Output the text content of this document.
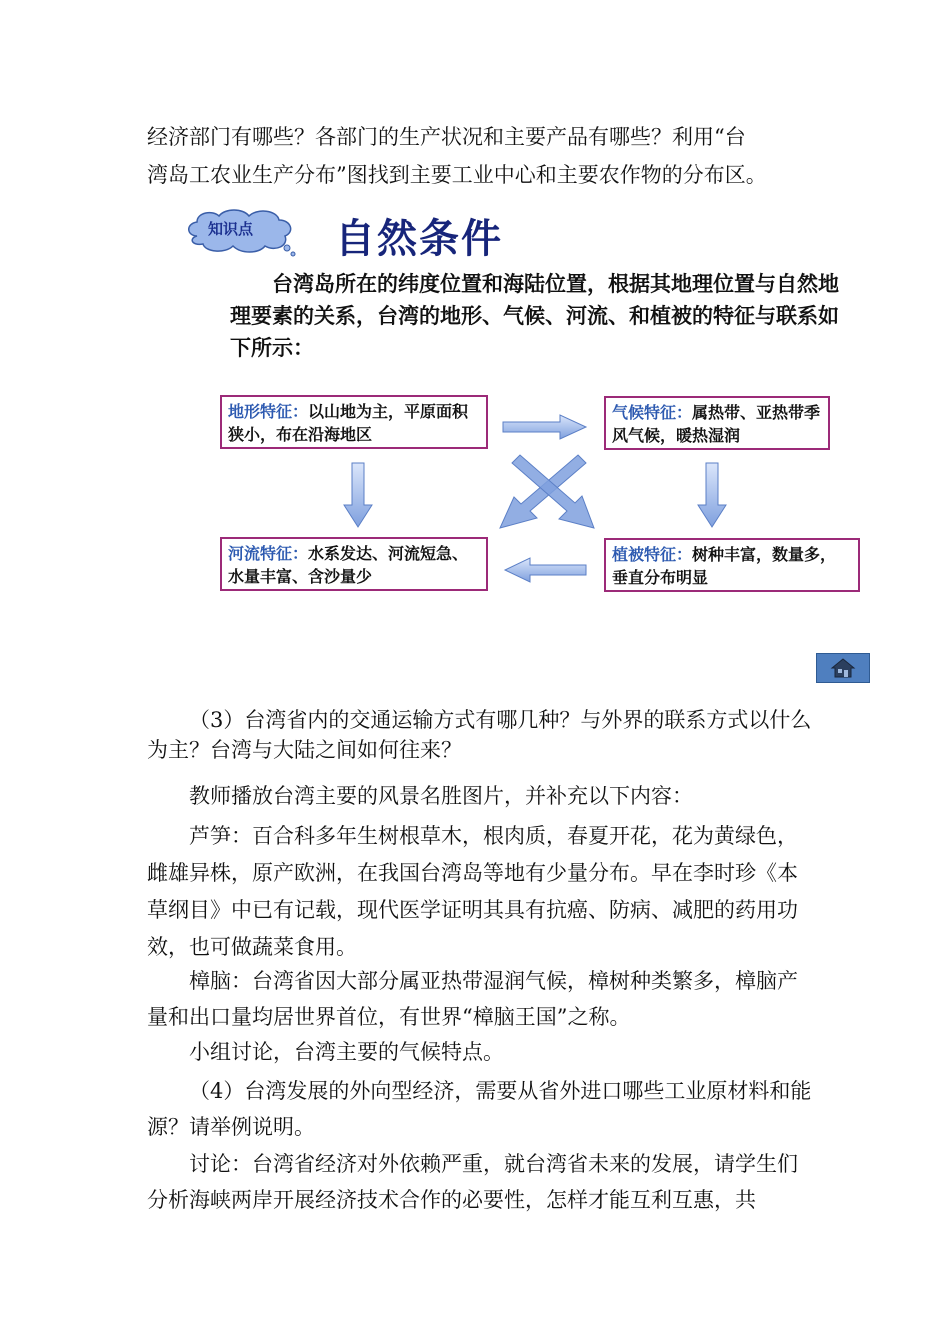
经济部门有哪些？各部门的生产状况和主要产品有哪些？利用“台

湾岛工农业生产分布”图找到主要工业中心和主要农作物的分布区。

知识点 自然条件

台湾岛所在的纬度位置和海陆位置，根据其地理位置与自然地理要素的关系，台湾的地形、气候、河流、和植被的特征与联系如下所示：

地形特征：以山地为主，平原面积狭小，布在沿海地区
气候特征：属热带、亚热带季风气候，暖热湿润
河流特征：水系发达、河流短急、水量丰富、含沙量少
植被特征：树种丰富，数量多，垂直分布明显

（3）台湾省内的交通运输方式有哪几种？与外界的联系方式以什么为主？台湾与大陆之间如何往来？

教师播放台湾主要的风景名胜图片，并补充以下内容：

芦笋：百合科多年生树根草木，根肉质，春夏开花，花为黄绿色，雌雄异株，原产欧洲，在我国台湾岛等地有少量分布。早在李时珍《本草纲目》中已有记载，现代医学证明其具有抗癌、防病、减肥的药用功效，也可做蔬菜食用。

樟脑：台湾省因大部分属亚热带湿润气候，樟树种类繁多，樟脑产量和出口量均居世界首位，有世界“樟脑王国”之称。

小组讨论，台湾主要的气候特点。

（4）台湾发展的外向型经济，需要从省外进口哪些工业原材料和能源？请举例说明。

讨论：台湾省经济对外依赖严重，就台湾省未来的发展，请学生们分析海峡两岸开展经济技术合作的必要性，怎样才能互利互惠，共
